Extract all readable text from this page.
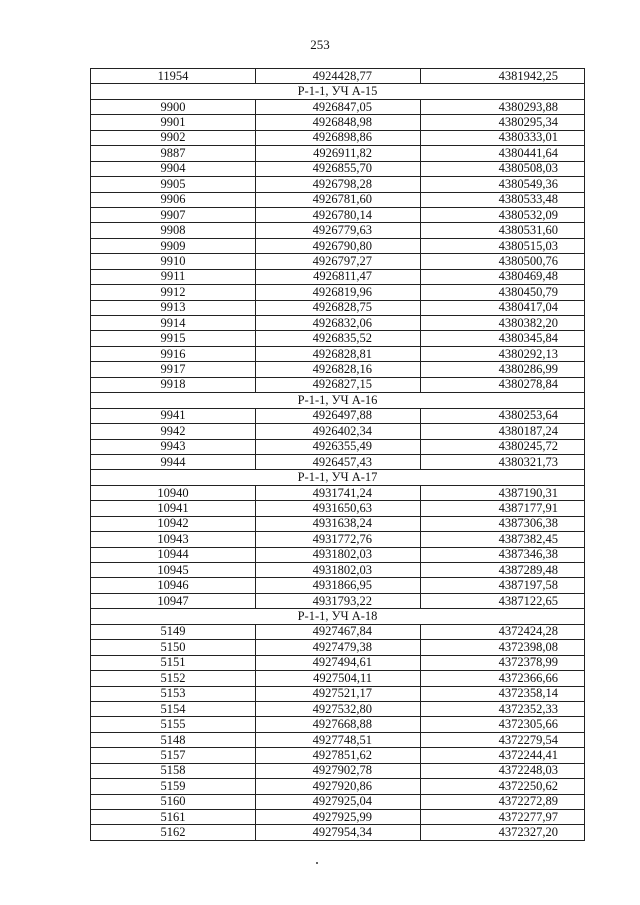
253
11954	4924428,77	4381942,25
Р-1-1, УЧ А-15		
9900	4926847,05	4380293,88
9901	4926848,98	4380295,34
9902	4926898,86	4380333,01
9887	4926911,82	4380441,64
9904	4926855,70	4380508,03
9905	4926798,28	4380549,36
9906	4926781,60	4380533,48
9907	4926780,14	4380532,09
9908	4926779,63	4380531,60
9909	4926790,80	4380515,03
9910	4926797,27	4380500,76
9911	4926811,47	4380469,48
9912	4926819,96	4380450,79
9913	4926828,75	4380417,04
9914	4926832,06	4380382,20
9915	4926835,52	4380345,84
9916	4926828,81	4380292,13
9917	4926828,16	4380286,99
9918	4926827,15	4380278,84
Р-1-1, УЧ А-16		
9941	4926497,88	4380253,64
9942	4926402,34	4380187,24
9943	4926355,49	4380245,72
9944	4926457,43	4380321,73
Р-1-1, УЧ А-17		
10940	4931741,24	4387190,31
10941	4931650,63	4387177,91
10942	4931638,24	4387306,38
10943	4931772,76	4387382,45
10944	4931802,03	4387346,38
10945	4931802,03	4387289,48
10946	4931866,95	4387197,58
10947	4931793,22	4387122,65
Р-1-1, УЧ А-18		
5149	4927467,84	4372424,28
5150	4927479,38	4372398,08
5151	4927494,61	4372378,99
5152	4927504,11	4372366,66
5153	4927521,17	4372358,14
5154	4927532,80	4372352,33
5155	4927668,88	4372305,66
5148	4927748,51	4372279,54
5157	4927851,62	4372244,41
5158	4927902,78	4372248,03
5159	4927920,86	4372250,62
5160	4927925,04	4372272,89
5161	4927925,99	4372277,97
5162	4927954,34	4372327,20
